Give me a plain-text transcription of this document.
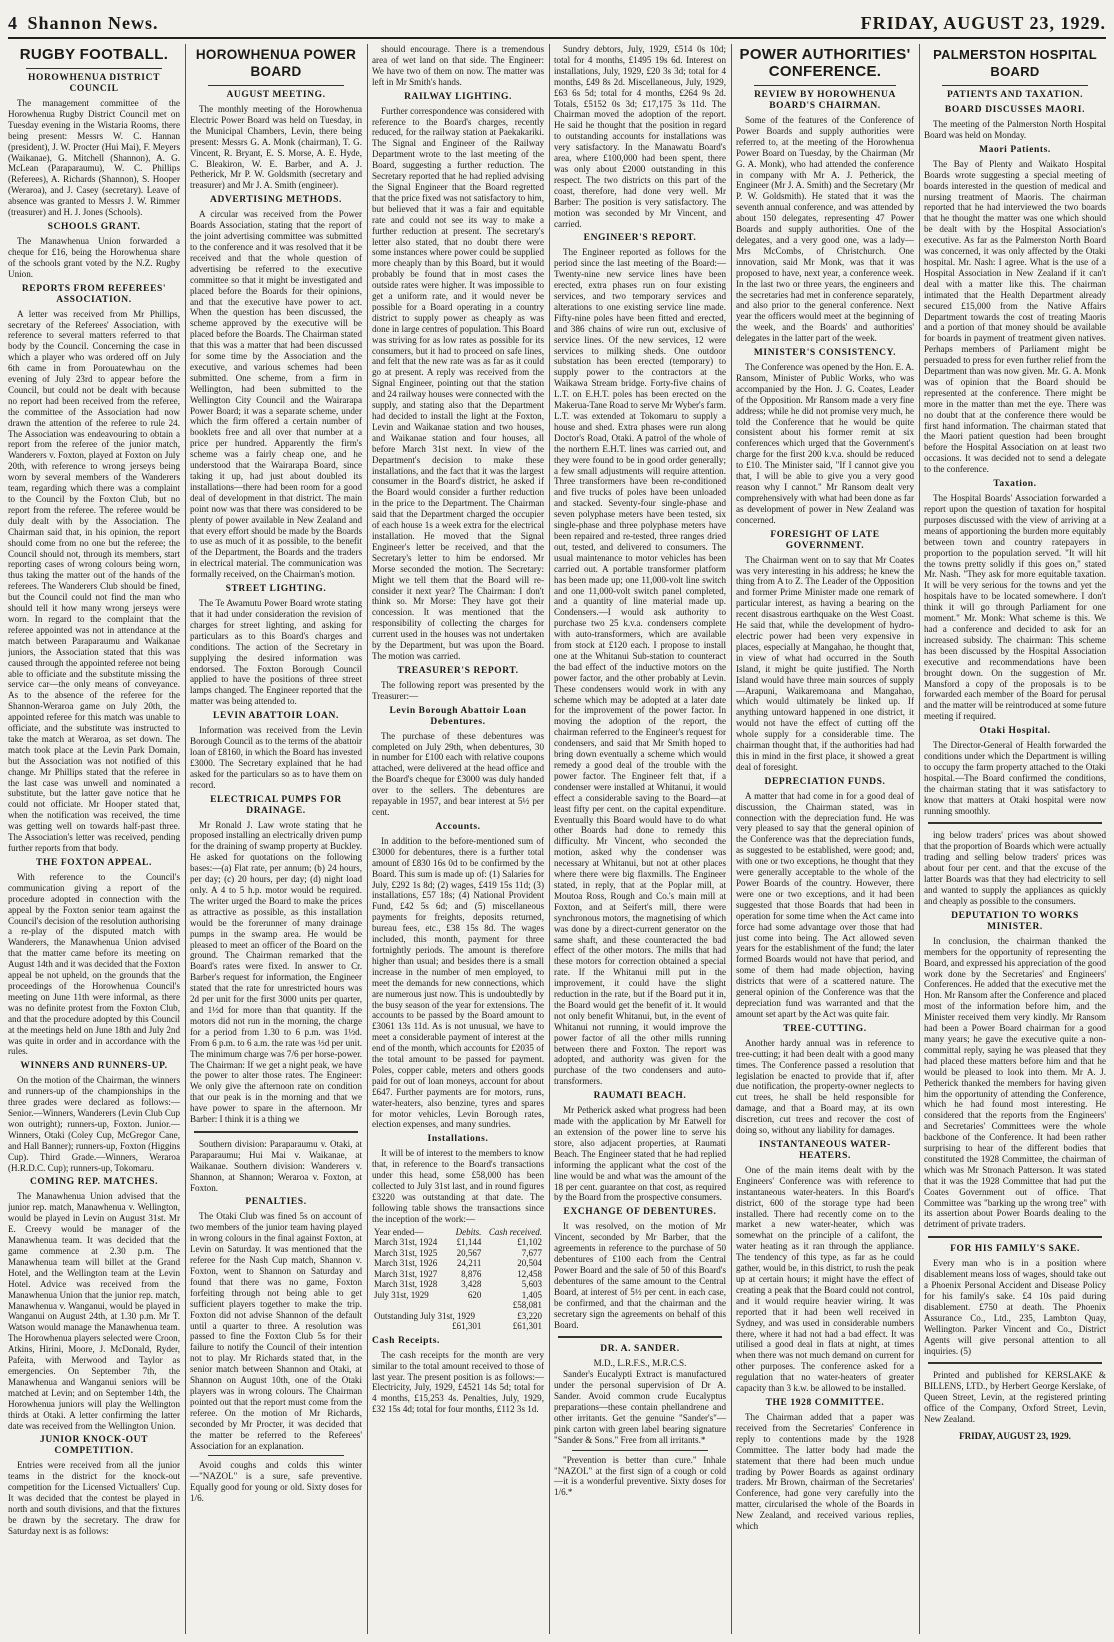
4 Shannon News.	FRIDAY, AUGUST 23, 1929.
RUGBY FOOTBALL.
HOROWHENUA DISTRICT COUNCIL

The management committee of the Horowhenua Rugby District Council met on Tuesday evening in the Wistaria Rooms, there being present: Messrs W. C. Hannan (president), J. W. Procter (Hui Mai), F. Meyers (Waikanae), G. Mitchell (Shannon), A. G. McLean (Paraparaumu), W. C. Phillips (Referees), A. Richards (Shannon), S. Hooper (Weraroa), and J. Casey (secretary). Leave of absence was granted to Messrs J. W. Rimmer (treasurer) and H. J. Jones (Schools).

SCHOOLS GRANT.

The Manawhenua Union forwarded a cheque for £16, being the Horowhenua share of the schools grant voted by the N.Z. Rugby Union.

REPORTS FROM REFEREES' ASSOCIATION.

A letter was received from Mr Phillips, secretary of the Referees' Association, with reference to several matters referred to that body by the Council. Concerning the case in which a player who was ordered off on July 6th came in from Porouatewhau on the evening of July 23rd to appear before the Council, but could not be dealt with because no report had been received from the referee, the committee of the Association had now drawn the attention of the referee to rule 24. The Association was endeavouring to obtain a report from the referee of the junior match, Wanderers v. Foxton, played at Foxton on July 20th, with reference to wrong jerseys being worn by several members of the Wanderers team, regarding which there was a complaint to the Council by the Foxton Club, but no report from the referee. The referee would be duly dealt with by the Association. The Chairman said that, in his opinion, the report should come from no one but the referee; the Council should not, through its members, start reporting cases of wrong colours being worn, thus taking the matter out of the hands of the referees. The Wanderers Club should be fined, but the Council could not find the man who should tell it how many wrong jerseys were worn. In regard to the complaint that the referee appointed was not in attendance at the match between Paraparaumu and Waikanae juniors, the Association stated that this was caused through the appointed referee not being able to officiate and the substitute missing the service car—the only means of conveyance. As to the absence of the referee for the Shannon-Weraroa game on July 20th, the appointed referee for this match was unable to officiate, and the substitute was instructed to take the match at Weraroa, as set down. The match took place at the Levin Park Domain, but the Association was not notified of this change. Mr Phillips stated that the referee in the last case was unwell and nominated a substitute, but the latter gave notice that he could not officiate. Mr Hooper stated that, when the notification was received, the time was getting well on towards half-past three. The Association's letter was received, pending further reports from that body.

THE FOXTON APPEAL.

With reference to the Council's communication giving a report of the procedure adopted in connection with the appeal by the Foxton senior team against the Council's decision of the resolution authorising a re-play of the disputed match with Wanderers, the Manawhenua Union advised that the matter came before its meeting on August 14th and it was decided that the Foxton appeal be not upheld, on the grounds that the proceedings of the Horowhenua Council's meeting on June 11th were informal, as there was no definite protest from the Foxton Club, and that the procedure adopted by this Council at the meetings held on June 18th and July 2nd was quite in order and in accordance with the rules.

WINNERS AND RUNNERS-UP.

On the motion of the Chairman, the winners and runners-up of the championships in the three grades were declared as follows:— Senior.—Winners, Wanderers (Levin Club Cup won outright); runners-up, Foxton. Junior.—Winners, Otaki (Coley Cup, McGregor Cane, and Hall Banner); runners-up, Foxton (Higgins Cup). Third Grade.—Winners, Weraroa (H.R.D.C. Cup); runners-up, Tokomaru.

COMING REP. MATCHES.

The Manawhenua Union advised that the junior rep. match, Manawhenua v. Wellington, would be played in Levin on August 31st. Mr E. Creevy would be manager of the Manawhenua team. It was decided that the game commence at 2.30 p.m. The Manawhenua team will billet at the Grand Hotel, and the Wellington team at the Levin Hotel. Advice was received from the Manawhenua Union that the junior rep. match, Manawhenua v. Wanganui, would be played in Wanganui on August 24th, at 1.30 p.m. Mr T. Watson would manage the Manawhenua team. The Horowhenua players selected were Croon, Atkins, Hirini, Moore, J. McDonald, Ryder, Pafeita, with Merwood and Taylor as emergencies. On September 7th, the Manawhenua and Wanganui seniors will be matched at Levin; and on September 14th, the Horowhenua juniors will play the Wellington thirds at Otaki. A letter confirming the latter date was received from the Wellington Union.

JUNIOR KNOCK-OUT COMPETITION.

Entries were received from all the junior teams in the district for the knock-out competition for the Licensed Victuallers' Cup. It was decided that the contest be played in north and south divisions, and that the fixtures be drawn by the secretary. The draw for Saturday next is as follows:

HOROWHENUA POWER BOARD
AUGUST MEETING.

The monthly meeting of the Horowhenua Electric Power Board was held on Tuesday, in the Municipal Chambers, Levin, there being present: Messrs G. A. Monk (chairman), T. G. Vincent, R. Bryant, E. S. Morse, A. E. Hyde, C. Bleakiron, W. E. Barber, and A. J. Petherick, Mr P. W. Goldsmith (secretary and treasurer) and Mr J. A. Smith (engineer).

ADVERTISING METHODS.

A circular was received from the Power Boards Association, stating that the report of the joint advertising committee was submitted to the conference and it was resolved that it be received and that the whole question of advertising be referred to the executive committee so that it might be investigated and placed before the Boards for their opinions, and that the executive have power to act. When the question has been discussed, the scheme approved by the executive will be placed before the Boards. The Chairman stated that this was a matter that had been discussed for some time by the Association and the executive, and various schemes had been submitted. One scheme, from a firm in Wellington, had been submitted to the Wellington City Council and the Wairarapa Power Board; it was a separate scheme, under which the firm offered a certain number of booklets free and all over that number at a price per hundred. Apparently the firm's scheme was a fairly cheap one, and he understood that the Wairarapa Board, since taking it up, had just about doubled its installations—there had been room for a good deal of development in that district. The main point now was that there was considered to be plenty of power available in New Zealand and that every effort should be made by the Boards to use as much of it as possible, to the benefit of the Department, the Boards and the traders in electrical material. The communication was formally received, on the Chairman's motion.

STREET LIGHTING.

The Te Awamutu Power Board wrote stating that it had under consideration the revision of charges for street lighting, and asking for particulars as to this Board's charges and conditions. The action of the Secretary in supplying the desired information was endorsed. The Foxton Borough Council applied to have the positions of three street lamps changed. The Engineer reported that the matter was being attended to.

LEVIN ABATTOIR LOAN.

Information was received from the Levin Borough Council as to the terms of the abattoir loan of £8160, in which the Board has invested £3000. The Secretary explained that he had asked for the particulars so as to have them on record.

ELECTRICAL PUMPS FOR DRAINAGE.

Mr Ronald J. Law wrote stating that he proposed installing an electrically driven pump for the draining of swamp property at Buckley. He asked for quotations on the following bases:—(a) Flat rate, per annum; (b) 24 hours, per day; (c) 20 hours, per day; (d) night load only. A 4 to 5 h.p. motor would be required. The writer urged the Board to make the prices as attractive as possible, as this installation would be the forerunner of many drainage pumps in the swamp area. He would be pleased to meet an officer of the Board on the ground. The Chairman remarked that the Board's rates were fixed. In answer to Cr. Barber's request for information, the Engineer stated that the rate for unrestricted hours was 2d per unit for the first 3000 units per quarter, and 1½d for more than that quantity. If the motors did not run in the morning, the charge for a period from 1.30 to 6 p.m. was 1½d. From 6 p.m. to 6 a.m. the rate was ½d per unit. The minimum charge was 7/6 per horse-power. The Chairman: If we get a night peak, we have the power to alter those rates. The Engineer: We only give the afternoon rate on condition that our peak is in the morning and that we have power to spare in the afternoon. Mr Barber: I think it is a thing we

Southern division: Paraparaumu v. Otaki, at Paraparaumu; Hui Mai v. Waikanae, at Waikanae. Southern division: Wanderers v. Shannon, at Shannon; Weraroa v. Foxton, at Foxton.

PENALTIES.

The Otaki Club was fined 5s on account of two members of the junior team having played in wrong colours in the final against Foxton, at Levin on Saturday. It was mentioned that the referee for the Nash Cup match, Shannon v. Foxton, went to Shannon on Saturday and found that there was no game, Foxton forfeiting through not being able to get sufficient players together to make the trip. Foxton did not advise Shannon of the default until a quarter to three. A resolution was passed to fine the Foxton Club 5s for their failure to notify the Council of their intention not to play. Mr Richards stated that, in the senior match between Shannon and Otaki, at Shannon on August 10th, one of the Otaki players was in wrong colours. The Chairman pointed out that the report must come from the referee. On the motion of Mr Richards, seconded by Mr Procter, it was decided that the matter be referred to the Referees' Association for an explanation.

Avoid coughs and colds this winter —"NAZOL" is a sure, safe preventive. Equally good for young or old. Sixty doses for 1/6.

should encourage. There is a tremendous area of wet land on that side. The Engineer: We have two of them on now. The matter was left in Mr Smith's hands.

RAILWAY LIGHTING.

Further correspondence was considered with reference to the Board's charges, recently reduced, for the railway station at Paekakariki. The Signal and Engineer of the Railway Department wrote to the last meeting of the Board, suggesting a further reduction. The Secretary reported that he had replied advising the Signal Engineer that the Board regretted that the price fixed was not satisfactory to him, but believed that it was a fair and equitable rate and could not see its way to make a further reduction at present. The secretary's letter also stated, that no doubt there were some instances where power could be supplied more cheaply than by this Board, but it would probably be found that in most cases the outside rates were higher. It was impossible to get a uniform rate, and it would never be possible for a Board operating in a country district to supply power as cheaply as was done in large centres of population. This Board was striving for as low rates as possible for its consumers, but it had to proceed on safe lines, and felt that the new rate was as far as it could go at present. A reply was received from the Signal Engineer, pointing out that the station and 24 railway houses were connected with the supply, and stating also that the Department had decided to install the light at the Foxton, Levin and Waikanae station and two houses, and Waikanae station and four houses, all before March 31st next. In view of the Department's decision to make these installations, and the fact that it was the largest consumer in the Board's district, he asked if the Board would consider a further reduction in the price to the Department. The Chairman said that the Department charged the occupier of each house 1s a week extra for the electrical installation. He moved that the Signal Engineer's letter be received, and that the Secretary's letter to him be endorsed. Mr Morse seconded the motion. The Secretary: Might we tell them that the Board will re-consider it next year? The Chairman: I don't think so. Mr Morse: They have got their concession. It was mentioned that the responsibility of collecting the charges for current used in the houses was not undertaken by the Department, but was upon the Board. The motion was carried.

TREASURER'S REPORT.

The following report was presented by the Treasurer:—

Levin Borough Abattoir Loan Debentures.

The purchase of these debentures was completed on July 29th, when debentures, 30 in number for £100 each with relative coupons attached, were delivered at the head office and the Board's cheque for £3000 was duly handed over to the sellers. The debentures are repayable in 1957, and bear interest at 5½ per cent.

Accounts.

In addition to the before-mentioned sum of £3000 for debentures, there is a further total amount of £830 16s 0d to be confirmed by the Board. This sum is made up of: (1) Salaries for July, £292 1s 8d; (2) wages, £419 15s 11d; (3) installations, £57 18s; (4) National Provident Fund, £42 5s 6d; and (5) miscellaneous payments for freights, deposits returned, bureau fees, etc., £38 15s 8d. The wages included, this month, payment for three fortnightly periods. The amount is therefore higher than usual; and besides there is a small increase in the number of men employed, to meet the demands for new connections, which are numerous just now. This is undoubtedly by the busy season of the year for extensions. The accounts to be passed by the Board amount to £3061 13s 11d. As is not unusual, we have to meet a considerable payment of interest at the end of the month, which accounts for £2035 of the total amount to be passed for payment. Poles, copper cable, meters and others goods paid for out of loan moneys, account for about £647. Further payments are for motors, runs, water-heaters, also benzine, tyres and spares for motor vehicles, Levin Borough rates, election expenses, and many sundries.

Installations.

It will be of interest to the members to know that, in reference to the Board's transactions under this head, some £58,000 has been collected to July 31st last, and in round figures £3220 was outstanding at that date. The following table shows the transactions since the inception of the work:—

Year ended—	Debits.	Cash received.
March 31st, 1924	£1,144	£1,102
March 31st, 1925	20,567	7,677
March 31st, 1926	24,211	20,504
March 31st, 1927	8,876	12,458
March 31st, 1928	3,428	5,603
July 31st, 1929	620	1,405
		£58,081
Outstanding July 31st, 1929		£3,220
	£61,301	£61,301
Cash Receipts.

The cash receipts for the month are very similar to the total amount received to those of last year. The present position is as follows:— Electricity, July, 1929, £4521 14s 5d; total for 4 months, £15,253 4s. Penalties, July, 1929, £32 15s 4d; total for four months, £112 3s 1d.

Sundry debtors, July, 1929, £514 0s 10d; total for 4 months, £1495 19s 6d. Interest on installations, July, 1929, £20 3s 3d; total for 4 months, £49 8s 2d. Miscellaneous, July, 1929, £63 6s 5d; total for 4 months, £264 9s 2d. Totals, £5152 0s 3d; £17,175 3s 11d. The Chairman moved the adoption of the report. He said he thought that the position in regard to outstanding accounts for installations was very satisfactory. In the Manawatu Board's area, where £100,000 had been spent, there was only about £2000 outstanding in this respect. The two districts on this part of the coast, therefore, had done very well. Mr Barber: The position is very satisfactory. The motion was seconded by Mr Vincent, and carried.

ENGINEER'S REPORT.

The Engineer reported as follows for the period since the last meeting of the Board:— Twenty-nine new service lines have been erected, extra phases run on four existing services, and two temporary services and alterations to one existing service line made. Fifty-nine poles have been fitted and erected, and 386 chains of wire run out, exclusive of service lines. Of the new services, 12 were services to milking sheds. One outdoor substation has been erected (temporary) to supply power to the contractors at the Waikawa Stream bridge. Forty-five chains of L.T. on E.H.T. poles has been erected on the Makerua-Tane Road to serve Mr Wyber's farm. L.T. was extended at Tokomaru to supply a house and shed. Extra phases were run along Doctor's Road, Otaki. A patrol of the whole of the northern E.H.T. lines was carried out, and they were found to be in good order generally; a few small adjustments will require attention. Three transformers have been re-conditioned and five trucks of poles have been unloaded and stacked. Seventy-four single-phase and seven polyphase meters have been tested, six single-phase and three polyphase meters have been repaired and re-tested, three ranges dried out, tested, and delivered to consumers. The usual maintenance to motor vehicles has been carried out. A portable transformer platform has been made up; one 11,000-volt line switch and one 11,000-volt switch panel completed, and a quantity of line material made up. Condensers.—I would ask authority to purchase two 25 k.v.a. condensers complete with auto-transformers, which are available from stock at £120 each. I propose to install one at the Whitanui Sub-station to counteract the bad effect of the inductive motors on the power factor, and the other probably at Levin. These condensers would work in with any scheme which may be adopted at a later date for the improvement of the power factor. In moving the adoption of the report, the chairman referred to the Engineer's request for condensers, and said that Mr Smith hoped to bring down eventually a scheme which would remedy a good deal of the trouble with the power factor. The Engineer felt that, if a condenser were installed at Whitanui, it would effect a considerable saving to the Board—at least fifty per cent. on the capital expenditure. Eventually this Board would have to do what other Boards had done to remedy this difficulty. Mr Vincent, who seconded the motion, asked why the condenser was necessary at Whitanui, but not at other places where there were big flaxmills. The Engineer stated, in reply, that at the Poplar mill, at Moutoa Ross, Rough and Co.'s main mill at Foxton, and at Seifert's mill, there were synchronous motors, the magnetising of which was done by a direct-current generator on the same shaft, and these counteracted the bad effect of the other motors. The mills that had these motors for correction obtained a special rate. If the Whitanui mill put in the improvement, it could have the slight reduction in the rate, but if the Board put it in, the Board would get the benefit of it. It would not only benefit Whitanui, but, in the event of Whitanui not running, it would improve the power factor of all the other mills running between there and Foxton. The report was adopted, and authority was given for the purchase of the two condensers and auto-transformers.

RAUMATI BEACH.

Mr Petherick asked what progress had been made with the application by Mr Eatwell for an extension of the power line to serve his store, also adjacent properties, at Raumati Beach. The Engineer stated that he had replied informing the applicant what the cost of the line would be and what was the amount of the 18 per cent. guarantee on that cost, as required by the Board from the prospective consumers.

EXCHANGE OF DEBENTURES.

It was resolved, on the motion of Mr Vincent, seconded by Mr Barber, that the agreements in reference to the purchase of 50 debentures of £100 each from the Central Power Board and the sale of 50 of this Board's debentures of the same amount to the Central Board, at interest of 5½ per cent. in each case, be confirmed, and that the chairman and the secretary sign the agreements on behalf of this Board.

DR. A. SANDER.
M.D., L.R.F.S., M.R.C.S.

Sander's Eucalypti Extract is manufactured under the personal supervision of Dr A. Sander. Avoid common crude Eucalyptus preparations—these contain phellandrene and other irritants. Get the genuine "Sander's"—pink carton with green label bearing signature "Sander & Sons." Free from all irritants.*

"Prevention is better than cure." Inhale "NAZOL" at the first sign of a cough or cold—it is a wonderful preventive. Sixty doses for 1/6.*

POWER AUTHORITIES' CONFERENCE.
REVIEW BY HOROWHENUA BOARD'S CHAIRMAN.

Some of the features of the Conference of Power Boards and supply authorities were referred to, at the meeting of the Horowhenua Power Board on Tuesday, by the Chairman (Mr G. A. Monk), who had attended the conference in company with Mr A. J. Petherick, the Engineer (Mr J. A. Smith) and the Secretary (Mr P. W. Goldsmith). He stated that it was the seventh annual conference, and was attended by about 150 delegates, representing 47 Power Boards and supply authorities. One of the delegates, and a very good one, was a lady—Mrs McCombs, of Christchurch. One innovation, said Mr Monk, was that it was proposed to have, next year, a conference week. In the last two or three years, the engineers and the secretaries had met in conference separately, and also prior to the general conference. Next year the officers would meet at the beginning of the week, and the Boards' and authorities' delegates in the latter part of the week.

MINISTER'S CONSISTENCY.

The Conference was opened by the Hon. E. A. Ransom, Minister of Public Works, who was accompanied by the Hon. J. G. Coates, Leader of the Opposition. Mr Ransom made a very fine address; while he did not promise very much, he told the Conference that he would be quite consistent about his former remit at six conferences which urged that the Government's charge for the first 200 k.v.a. should be reduced to £10. The Minister said, "If I cannot give you that, I will be able to give you a very good reason why I cannot." Mr Ransom dealt very comprehensively with what had been done as far as development of power in New Zealand was concerned.

FORESIGHT OF LATE GOVERNMENT.

The Chairman went on to say that Mr Coates was very interesting in his address; he knew the thing from A to Z. The Leader of the Opposition and former Prime Minister made one remark of particular interest, as having a bearing on the recent disastrous earthquake on the West Coast. He said that, while the development of hydro-electric power had been very expensive in places, especially at Mangahao, he thought that, in view of what had occurred in the South Island, it might be quite justified. The North Island would have three main sources of supply—Arapuni, Waikaremoana and Mangahao, which would ultimately be linked up. If anything untoward happened in one district, it would not have the effect of cutting off the whole supply for a considerable time. The chairman thought that, if the authorities had had this in mind in the first place, it showed a great deal of foresight.

DEPRECIATION FUNDS.

A matter that had come in for a good deal of discussion, the Chairman stated, was in connection with the depreciation fund. He was very pleased to say that the general opinion of the Conference was that the depreciation funds, as suggested to be established, were good; and, with one or two exceptions, he thought that they were generally acceptable to the whole of the Power Boards of the country. However, there were one or two exceptions, and it had been suggested that those Boards that had been in operation for some time when the Act came into force had some advantage over those that had just come into being. The Act allowed seven years for the establishment of the fund; the later formed Boards would not have that period, and some of them had made objection, having districts that were of a scattered nature. The general opinion of the Conference was that the depreciation fund was warranted and that the amount set apart by the Act was quite fair.

TREE-CUTTING.

Another hardy annual was in reference to tree-cutting; it had been dealt with a good many times. The Conference passed a resolution that legislation be enacted to provide that if, after due notification, the property-owner neglects to cut trees, he shall be held responsible for damage, and that a Board may, at its own discretion, cut trees and recover the cost of doing so, without any liability for damages.

INSTANTANEOUS WATER-HEATERS.

One of the main items dealt with by the Engineers' Conference was with reference to instantaneous water-heaters. In this Board's district, 600 of the storage type had been installed. There had recently come on to the market a new water-heater, which was somewhat on the principle of a califont, the water heating as it ran through the appliance. The tendency of this type, as far as he could gather, would be, in this district, to rush the peak up at certain hours; it might have the effect of creating a peak that the Board could not control, and it would require heavier wiring. It was reported that it had been well received in Sydney, and was used in considerable numbers there, where it had not had a bad effect. It was utilised a good deal in flats at night, at times when there was not much demand on current for other purposes. The conference asked for a regulation that no water-heaters of greater capacity than 3 k.w. be allowed to be installed.

THE 1928 COMMITTEE.

The Chairman added that a paper was received from the Secretaries' Conference in reply to contentions made by the 1928 Committee. The latter body had made the statement that there had been much undue trading by Power Boards as against ordinary traders. Mr Brown, chairman of the Secretaries' Conference, had gone very carefully into the matter, circularised the whole of the Boards in New Zealand, and received various replies, which

PALMERSTON HOSPITAL BOARD
PATIENTS AND TAXATION.
BOARD DISCUSSES MAORI.

The meeting of the Palmerston North Hospital Board was held on Monday.

Maori Patients.

The Bay of Plenty and Waikato Hospital Boards wrote suggesting a special meeting of boards interested in the question of medical and nursing treatment of Maoris. The chairman reported that he had interviewed the two boards that he thought the matter was one which should be dealt with by the Hospital Association's executive. As far as the Palmerston North Board was concerned, it was only affected by the Otaki hospital. Mr. Nash: I agree. What is the use of a Hospital Association in New Zealand if it can't deal with a matter like this. The chairman intimated that the Health Department already secured £15,000 from the Native Affairs Department towards the cost of treating Maoris and a portion of that money should be available for boards in payment of treatment given natives. Perhaps members of Parliament might be persuaded to press for even further relief from the Department than was now given. Mr. G. A. Monk was of opinion that the Board should be represented at the conference. There might be more in the matter than met the eye. There was no doubt that at the conference there would be first hand information. The chairman stated that the Maori patient question had been brought before the Hospital Association on at least two occasions. It was decided not to send a delegate to the conference.

Taxation.

The Hospital Boards' Association forwarded a report upon the question of taxation for hospital purposes discussed with the view of arriving at a means of apportioning the burden more equitably between town and country ratepayers in proportion to the population served. "It will hit the towns pretty solidly if this goes on," stated Mr. Nash. "They ask for more equitable taxation. It will be very serious for the towns and yet the hospitals have to be located somewhere. I don't think it will go through Parliament for one moment." Mr. Monk: What scheme is this. We had a conference and decided to ask for an increased subsidy. The chairman: This scheme has been discussed by the Hospital Association executive and recommendations have been brought down. On the suggestion of Mr. Mansford a copy of the proposals is to be forwarded each member of the Board for perusal and the matter will be reintroduced at some future meeting if required.

Otaki Hospital.

The Director-General of Health forwarded the conditions under which the Department is willing to occupy the farm property attached to the Otaki hospital.—The Board confirmed the conditions, the chairman stating that it was satisfactory to know that matters at Otaki hospital were now running smoothly.

ing below traders' prices was about showed that the proportion of Boards which were actually trading and selling below traders' prices was about four per cent. and that the excuse of the latter Boards was that they had electricity to sell and wanted to supply the appliances as quickly and cheaply as possible to the consumers.

DEPUTATION TO WORKS MINISTER.

In conclusion, the chairman thanked the members for the opportunity of representing the Board, and expressed his appreciation of the good work done by the Secretaries' and Engineers' Conferences. He added that the executive met the Hon. Mr Ransom after the Conference and placed most of the information before him, and the Minister received them very kindly. Mr Ransom had been a Power Board chairman for a good many years; he gave the executive quite a non-committal reply, saying he was pleased that they had placed these matters before him and that he would be pleased to look into them. Mr A. J. Petherick thanked the members for having given him the opportunity of attending the Conference, which he had found most interesting. He considered that the reports from the Engineers' and Secretaries' Committees were the whole backbone of the Conference. It had been rather surprising to hear of the different bodies that constituted the 1928 Committee, the chairman of which was Mr Stronach Patterson. It was stated that it was the 1928 Committee that had put the Coates Government out of office. That Committee was "barking up the wrong tree" with its assertion about Power Boards dealing to the detriment of private traders.

FOR HIS FAMILY'S SAKE.

Every man who is in a position where disablement means loss of wages, should take out a Phoenix Personal Accident and Disease Policy for his family's sake. £4 10s paid during disablement. £750 at death. The Phoenix Assurance Co., Ltd., 235, Lambton Quay, Wellington. Parker Vincent and Co., District Agents will give personal attention to all inquiries. (5)

Printed and published for KERSLAKE & BILLENS, LTD., by Herbert George Kerslake, of Queen Street, Levin, at the registered printing office of the Company, Oxford Street, Levin, New Zealand.

FRIDAY, AUGUST 23, 1929.
